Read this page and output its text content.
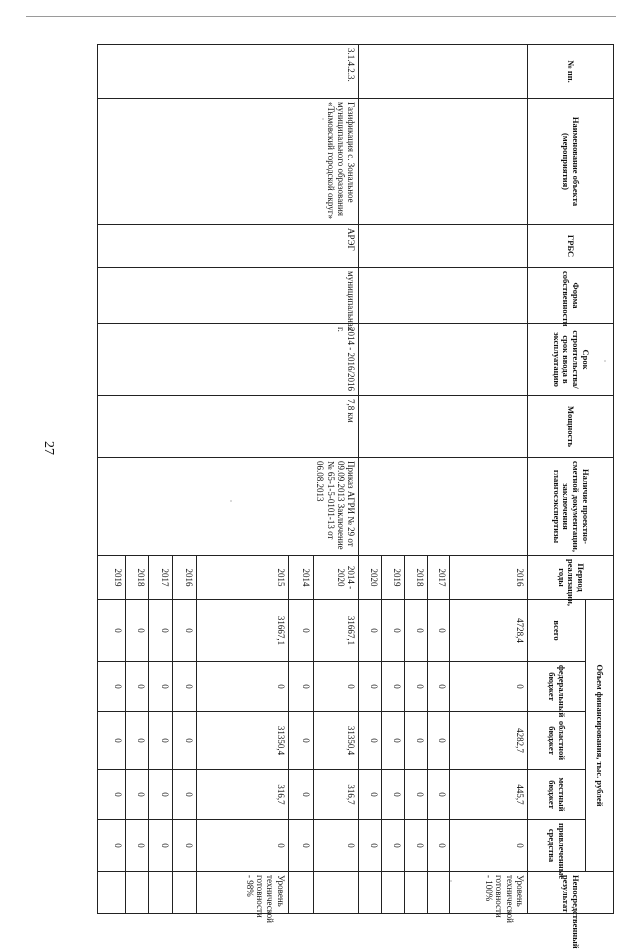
27
№ пп.	Наименование объекта (мероприятия)	ГРБС	Форма собственности	Срок строительства/срок ввода в эксплуатацию	Мощность	Наличие проектно-сметной документации, заключения главгосэкспертизы	Период реализации, годы	Объем финансирования, тыс. рублей					Непосредственный результат
								всего	федеральный бюджет	областной бюджет	местный бюджет	привлеченные средства	
							2016	4728,4	0	4282,7	445,7	0	Уровень технической готовности - 100%
							2017	0	0	0	0	0	
							2018	0	0	0	0	0	
							2019	0	0	0	0	0	
							2020	0	0	0	0	0	
3.1.4.2.3.	Газификация с. Зональное муниципального образования «Тымовский городской округ»	АРЭГ	муниципальная	2014 - 2016/2016 г.	7,8 км	Приказ АГРИ № 29 от 09.09.2013 Заключение № 65-1-5-0101-13 от 06.08.2013	2014 - 2020	31667,1	0	31350,4	316,7	0	
							2014	0	0	0	0	0	
							2015	31667,1	0	31350,4	316,7	0	Уровень технической готовности - 98%
							2016	0	0	0	0	0	
							2017	0	0	0	0	0	
							2018	0	0	0	0	0	
							2019	0	0	0	0	0	
